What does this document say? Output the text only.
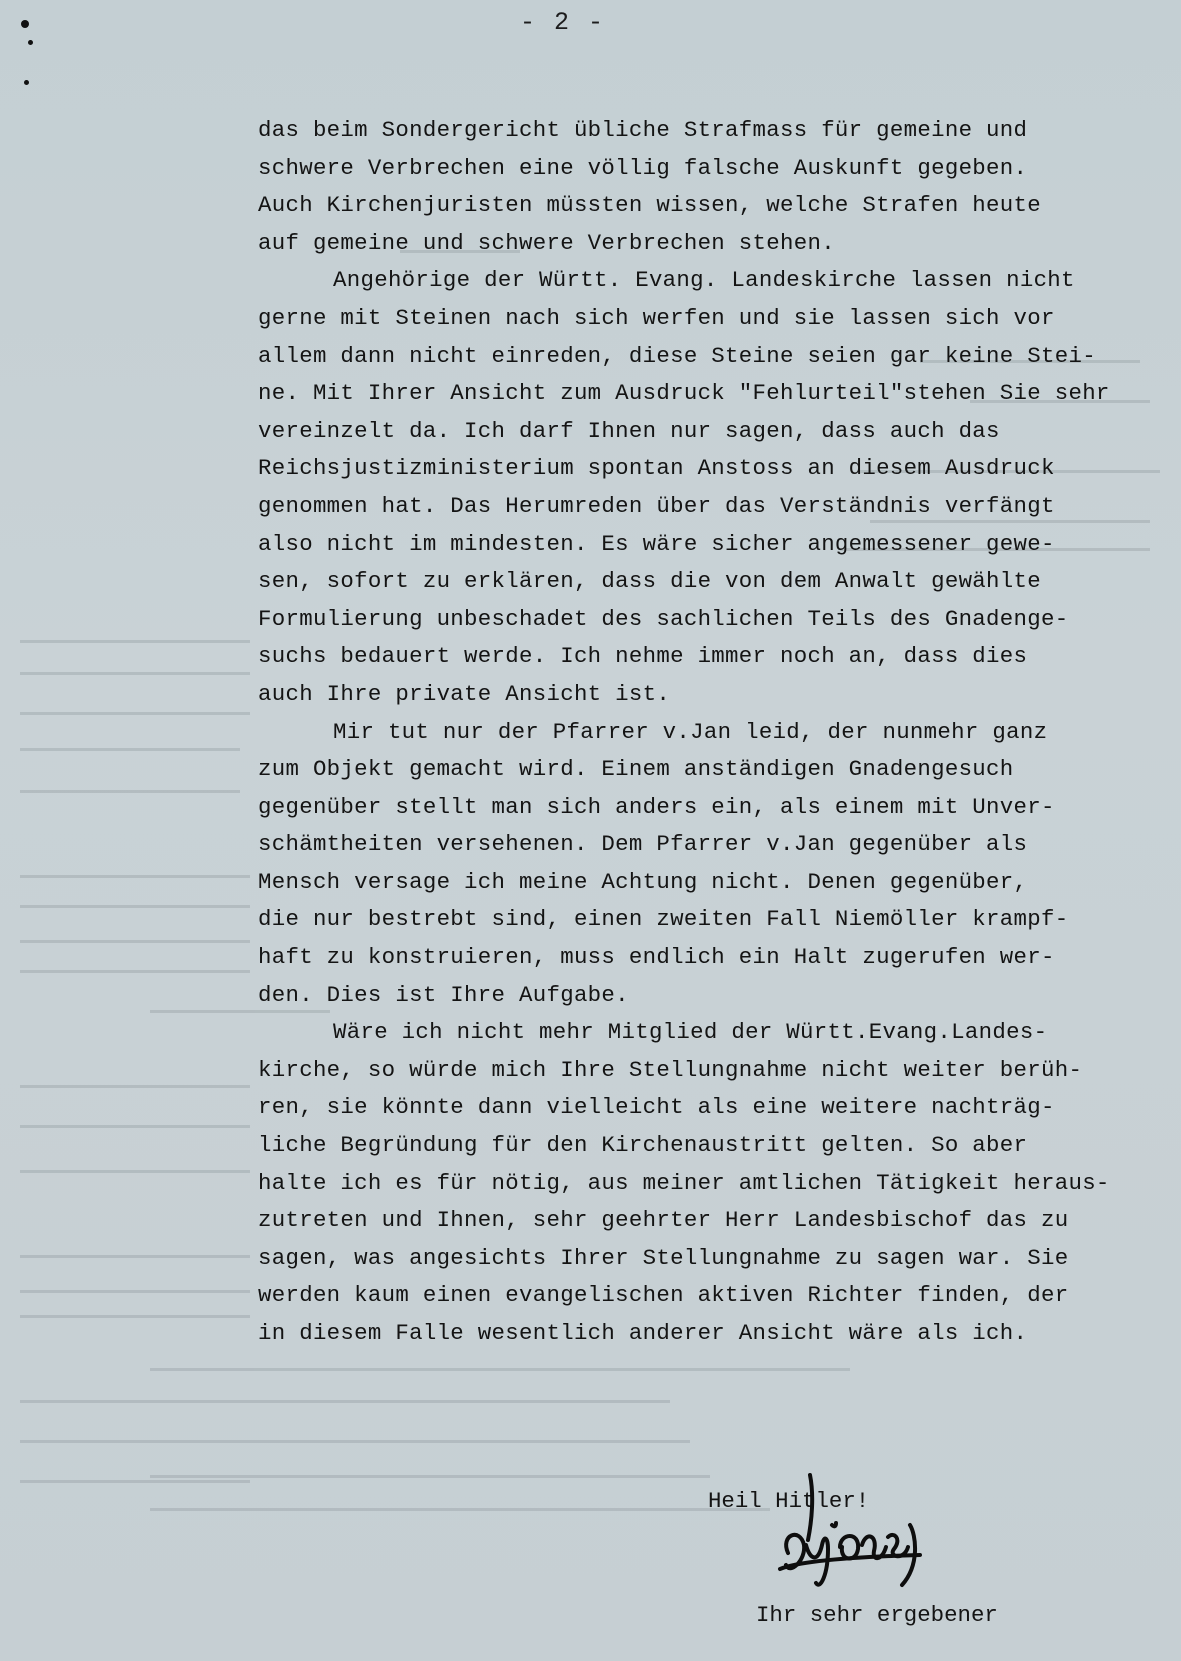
- 2 -
das beim Sondergericht übliche Strafmass für gemeine und
schwere Verbrechen eine völlig falsche Auskunft gegeben.
Auch Kirchenjuristen müssten wissen, welche Strafen heute
auf gemeine und schwere Verbrechen stehen.
Angehörige der Württ. Evang. Landeskirche lassen nicht
gerne mit Steinen nach sich werfen und sie lassen sich vor
allem dann nicht einreden, diese Steine seien gar keine Stei-
ne. Mit Ihrer Ansicht zum Ausdruck "Fehlurteil"stehen Sie sehr
vereinzelt da. Ich darf Ihnen nur sagen, dass auch das
Reichsjustizministerium spontan Anstoss an diesem Ausdruck
genommen hat. Das Herumreden über das Verständnis verfängt
also nicht im mindesten. Es wäre sicher angemessener gewe-
sen, sofort zu erklären, dass die von dem Anwalt gewählte
Formulierung unbeschadet des sachlichen Teils des Gnadenge-
suchs bedauert werde. Ich nehme immer noch an, dass dies
auch Ihre private Ansicht ist.
Mir tut nur der Pfarrer v.Jan leid, der nunmehr ganz
zum Objekt gemacht wird. Einem anständigen Gnadengesuch
gegenüber stellt man sich anders ein, als einem mit Unver-
schämtheiten versehenen. Dem Pfarrer v.Jan gegenüber als
Mensch versage ich meine Achtung nicht. Denen gegenüber,
die nur bestrebt sind, einen zweiten Fall Niemöller krampf-
haft zu konstruieren, muss endlich ein Halt zugerufen wer-
den. Dies ist Ihre Aufgabe.
Wäre ich nicht mehr Mitglied der Württ.Evang.Landes-
kirche, so würde mich Ihre Stellungnahme nicht weiter berüh-
ren, sie könnte dann vielleicht als eine weitere nachträg-
liche Begründung für den Kirchenaustritt gelten. So aber
halte ich es für nötig, aus meiner amtlichen Tätigkeit heraus-
zutreten und Ihnen, sehr geehrter Herr Landesbischof das zu
sagen, was angesichts Ihrer Stellungnahme zu sagen war. Sie
werden kaum einen evangelischen aktiven Richter finden, der
in diesem Falle wesentlich anderer Ansicht wäre als ich.

Heil Hitler!

Ihr sehr ergebener
